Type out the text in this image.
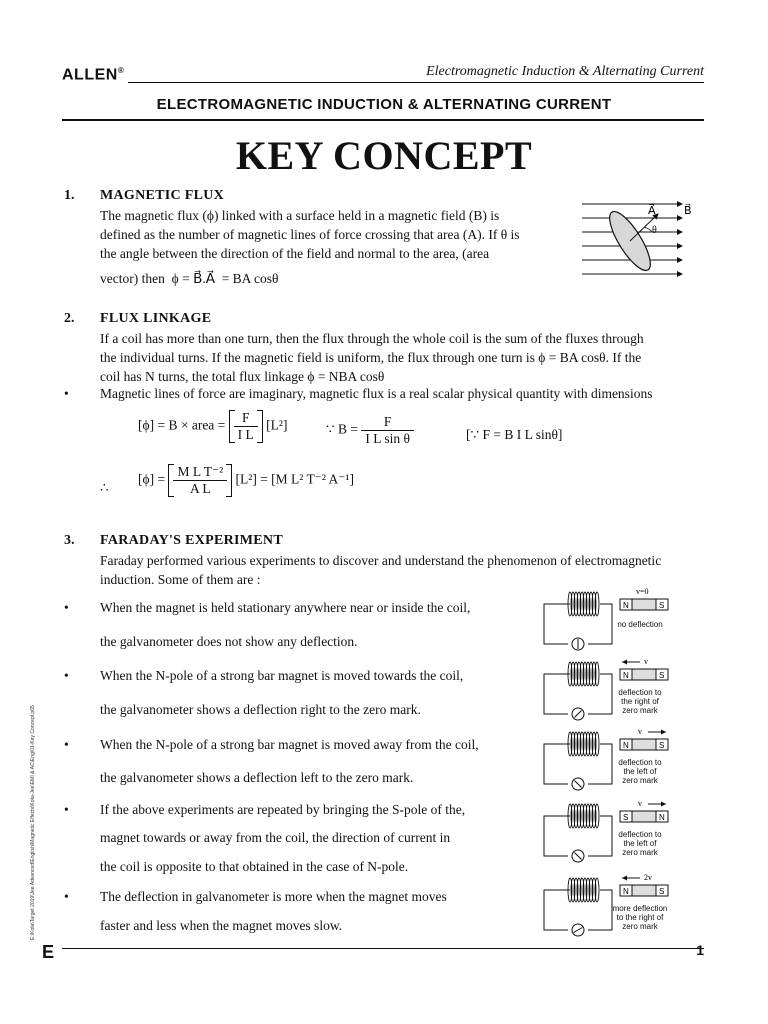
ALLEN®	Electromagnetic Induction & Alternating Current
ELECTROMAGNETIC INDUCTION & ALTERNATING CURRENT
KEY CONCEPT
1. MAGNETIC FLUX
The magnetic flux (ϕ) linked with a surface held in a magnetic field (B) is
defined as the number of magnetic lines of force crossing that area (A). If θ is
the angle between the direction of the field and normal to the area, (area
vector) then ϕ = B⃗.A⃗ = BA cosθ
A⃗	B⃗
θ
2. FLUX LINKAGE
If a coil has more than one turn, then the flux through the whole coil is the sum of the fluxes through
the individual turns. If the magnetic field is uniform, the flux through one turn is ϕ = BA cosθ. If the
coil has N turns, the total flux linkage ϕ = NBA cosθ
• Magnetic lines of force are imaginary, magnetic flux is a real scalar physical quantity with dimensions
[ϕ] = B × area = $\frac{F}{\text{I L}} [L^2]$	∵ $B = \frac{F}{\text{I L sin θ}}$	[∵ F = B I L sinθ]
∴
$[\phi] = \frac{\text{M L T⁻²}}{\text{A L}} [L^2] = [M$ L² T⁻² A⁻¹]
3. FARADAY'S EXPERIMENT
Faraday performed various experiments to discover and understand the phenomenon of electromagnetic
induction. Some of them are :
• When the magnet is held stationary anywhere near or inside the coil,
the galvanometer does not show any deflection.
• When the N-pole of a strong bar magnet is moved towards the coil,
the galvanometer shows a deflection right to the zero mark.
• When the N-pole of a strong bar magnet is moved away from the coil,
the galvanometer shows a deflection left to the zero mark.
• If the above experiments are repeated by bringing the S-pole of the,
magnet towards or away from the coil, the direction of current in
the coil is opposite to that obtained in the case of N-pole.
• The deflection in galvanometer is more when the magnet moves
faster and less when the magnet moves slow.
N	S
v=0
no deflection
N	S
v
deflection to
the right of
zero mark
N	S
v
deflection to
the left of
zero mark
S	N
v
deflection to
the left of
zero mark
N	S
2v
more deflection
to the right of
zero mark
E	1
E:\Kota\Target 2019\Jee Advanced\English\Magnetic Effects\Kota-Jee\EMI & AC\Eng\01-Key Concept.p65
